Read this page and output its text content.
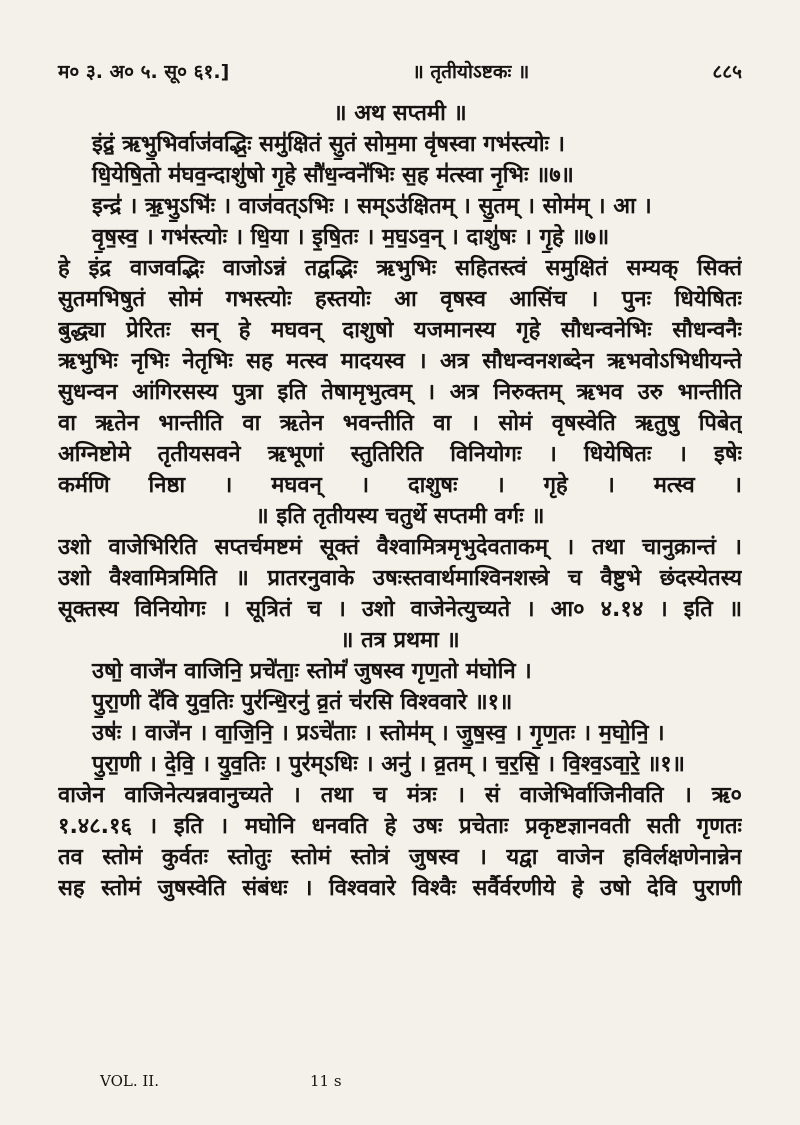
म० ३. अ० ५. सू० ६१.]	॥ तृतीयोऽष्टकः ॥	८८५
॥ अथ सप्तमी ॥
इंद्रं॒ ऋभु॒भिर्वाज॑वद्भिः॒ समु॑क्षितं सु॒तं सोम॒मा वृ॑षस्वा गभ॑स्त्योः ।
धि॒येषि॒तो म॑घव॒न्दाशु॑षो गृ॒हे सौ॑ध॒न्वने॑भिः स॒ह म॑त्स्वा नृ॒भिः ॥७॥
इन्द्र॑ । ऋ॒भु॒ऽभिः॑ । वाज॑वत्ऽभिः । सम्ऽउ॑क्षितम् । सु॒तम् । सोम॑म् । आ ।
वृ॒ष॒स्व॒ । गभ॑स्त्योः । धि॒या । इ॒षि॒तः । म॒घ॒ऽव॒न् । दाशु॑षः । गृ॒हे ॥७॥
हे इंद्र वाजवद्भिः वाजोऽन्नं तद्वद्भिः ऋभुभिः सहितस्त्वं समुक्षितं सम्यक् सिक्तं
सुतमभिषुतं सोमं गभस्त्योः हस्तयोः आ वृषस्व आसिंच । पुनः धियेषितः
बुद्ध्या प्रेरितः सन् हे मघवन् दाशुषो यजमानस्य गृहे सौधन्वनेभिः सौधन्वनैः
ऋभुभिः नृभिः नेतृभिः सह मत्स्व मादयस्व । अत्र सौधन्वनशब्देन ऋभवोऽभिधीयन्ते
सुधन्वन आंगिरसस्य पुत्रा इति तेषामृभुत्वम् । अत्र निरुक्तम् ऋभव उरु भान्तीति
वा ऋतेन भान्तीति वा ऋतेन भवन्तीति वा । सोमं वृषस्वेति ऋतुषु पिबेत्
अग्निष्टोमे तृतीयसवने ऋभूणां स्तुतिरिति विनियोगः । धियेषितः । इषेः
कर्मणि निष्ठा । मघवन् । दाशुषः । गृहे । मत्स्व ।
॥ इति तृतीयस्य चतुर्थे सप्तमी वर्गः ॥
उशो वाजेभिरिति सप्तर्चमष्टमं सूक्तं वैश्वामित्रमृभुदेवताकम् । तथा चानुक्रान्तं ।
उशो वैश्वामित्रमिति ॥ प्रातरनुवाके उषःस्तवार्थमाश्विनशस्त्रे च वैष्टुभे छंदस्येतस्य
सूक्तस्य विनियोगः । सूत्रितं च । उशो वाजेनेत्युच्यते । आ० ४.१४ । इति ॥
॥ तत्र प्रथमा ॥
उषो॒ वाजे॑न वाजिनि॒ प्रचे॑ताः॒ स्तोमं॑ जुषस्व गृण॒तो म॑घोनि ।
पु॒रा॒णी दे॑वि युव॒तिः पुर॑न्धि॒रनु॑ व्र॒तं च॑रसि विश्ववारे ॥१॥
उषः॑ । वाजे॑न । वा॒जि॒नि॒ । प्रऽचे॑ताः । स्तोम॑म् । जु॒ष॒स्व॒ । गृ॒ण॒तः । म॒घो॒नि॒ ।
पु॒रा॒णी । दे॒वि॒ । यु॒व॒तिः । पुर॑म्ऽधिः । अनु॑ । व्र॒तम् । च॒र॒सि॒ । वि॒श्व॒ऽवा॒रे॒ ॥१॥
वाजेन वाजिनेत्यन्नवानुच्यते । तथा च मंत्रः । सं वाजेभिर्वाजिनीवति । ऋ०
१.४८.१६ । इति । मघोनि धनवति हे उषः प्रचेताः प्रकृष्टज्ञानवती सती गृणतः
तव स्तोमं कुर्वतः स्तोतुः स्तोमं स्तोत्रं जुषस्व । यद्वा वाजेन हविर्लक्षणेनान्नेन
सह स्तोमं जुषस्वेति संबंधः । विश्ववारे विश्वैः सर्वैर्वरणीये हे उषो देवि पुराणी
VOL. II.	11 s
